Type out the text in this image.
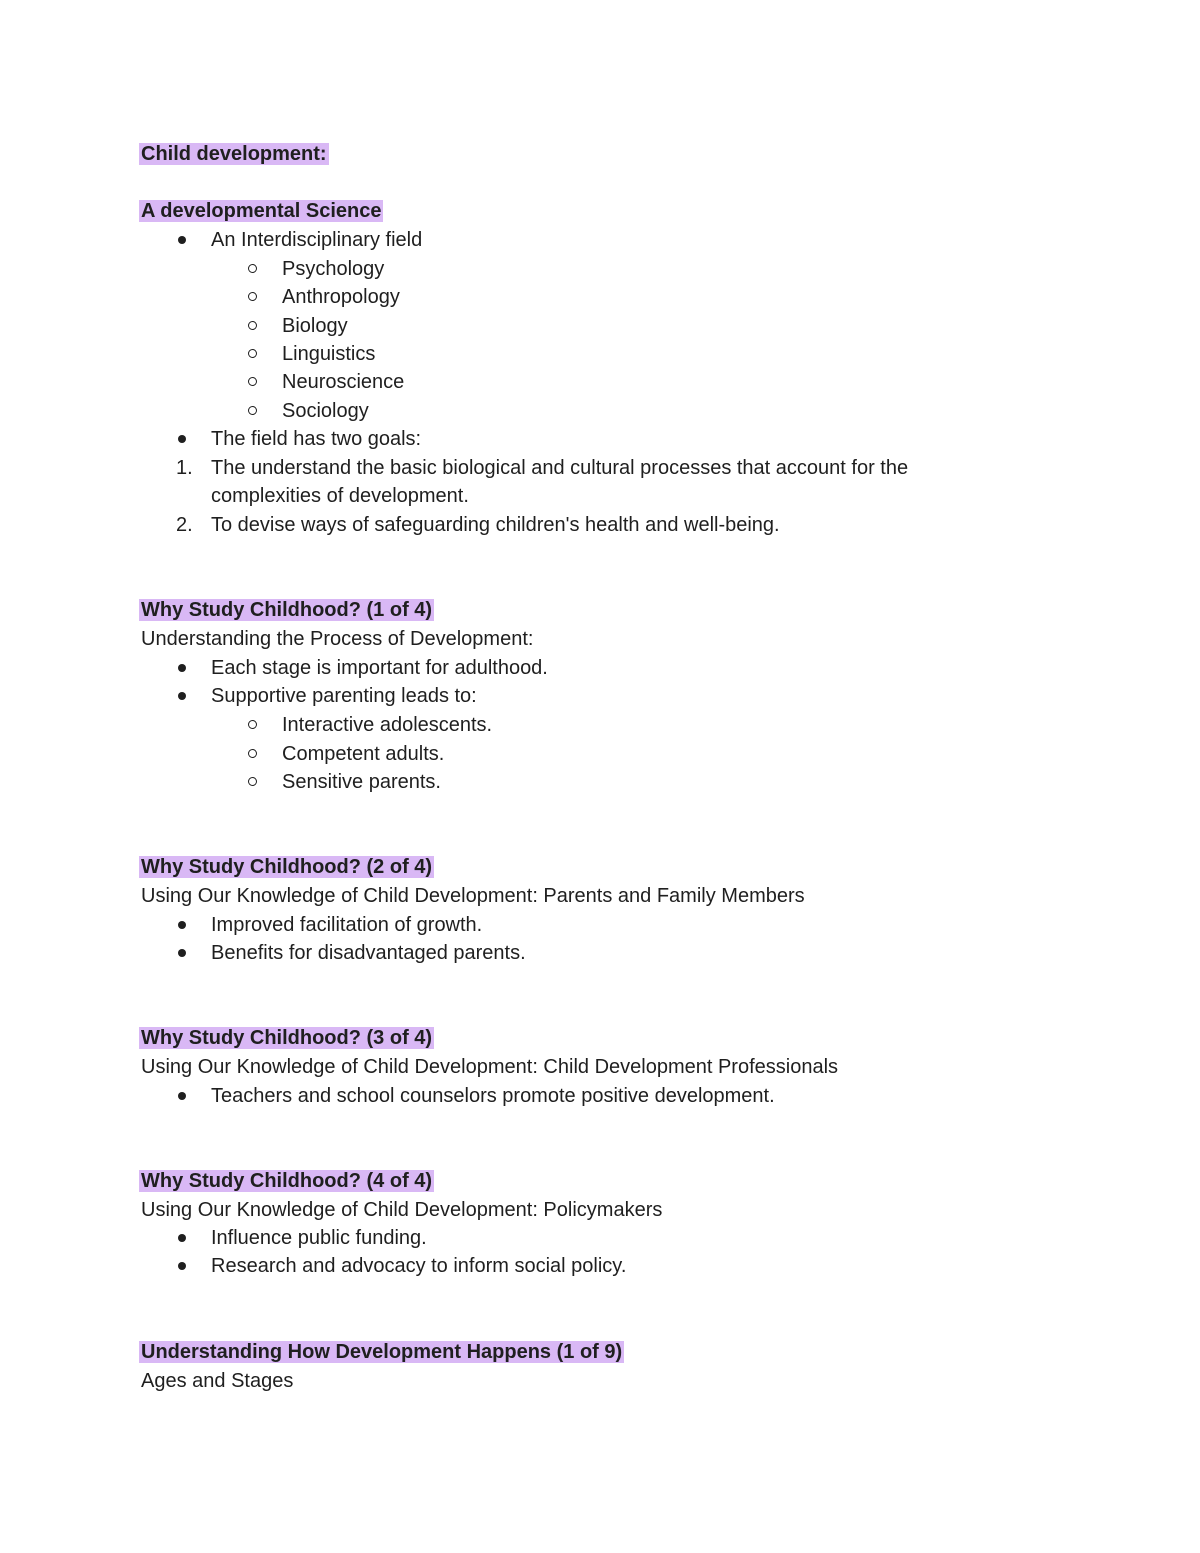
Child development:
A developmental Science
An Interdisciplinary field
Psychology
Anthropology
Biology
Linguistics
Neuroscience
Sociology
The field has two goals:
1. The understand the basic biological and cultural processes that account for the
complexities of development.
2. To devise ways of safeguarding children's health and well-being.
Why Study Childhood? (1 of 4)
Understanding the Process of Development:
Each stage is important for adulthood.
Supportive parenting leads to:
Interactive adolescents.
Competent adults.
Sensitive parents.
Why Study Childhood? (2 of 4)
Using Our Knowledge of Child Development: Parents and Family Members
Improved facilitation of growth.
Benefits for disadvantaged parents.
Why Study Childhood? (3 of 4)
Using Our Knowledge of Child Development: Child Development Professionals
Teachers and school counselors promote positive development.
Why Study Childhood? (4 of 4)
Using Our Knowledge of Child Development: Policymakers
Influence public funding.
Research and advocacy to inform social policy.
Understanding How Development Happens (1 of 9)
Ages and Stages
